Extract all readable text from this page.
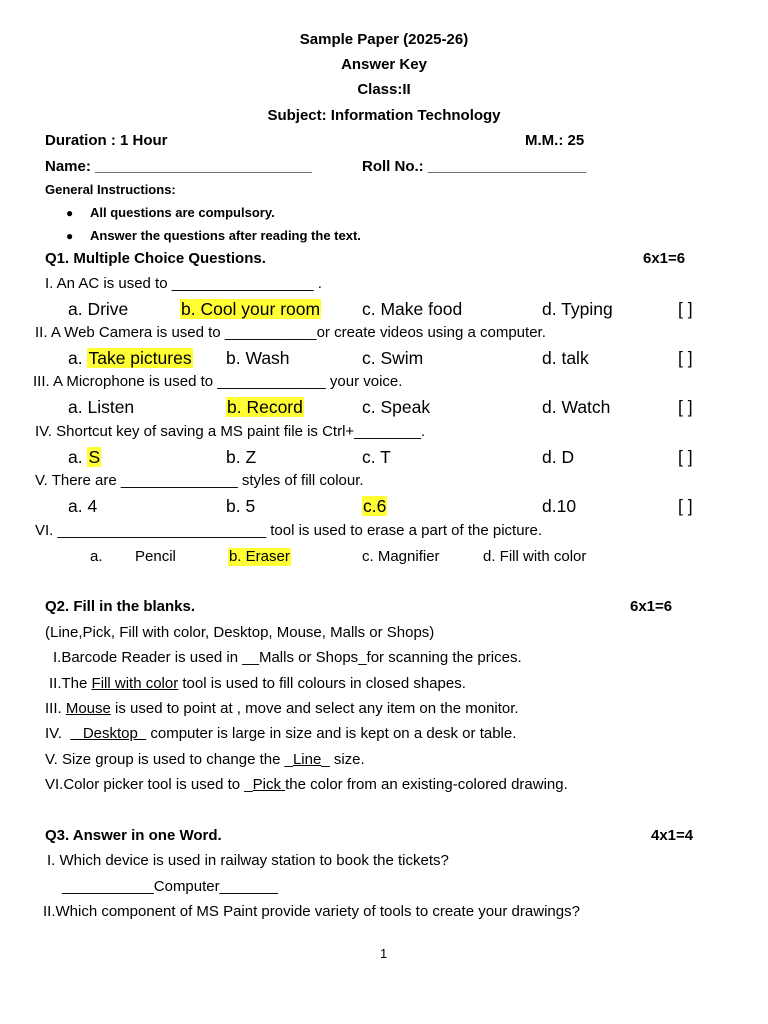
Sample Paper (2025-26)
Answer Key
Class:II
Subject: Information Technology
Duration : 1 Hour	M.M.: 25
Name: __________________________	Roll No.: ___________________
General Instructions:
● All questions are compulsory.
● Answer the questions after reading the text.
Q1. Multiple Choice Questions.	6x1=6
I. An AC is used to _________________ .
a. Drive	b. Cool your room c. Make food	d. Typing	[ ]
II. A Web Camera is used to ___________or create videos using a computer.
a. Take pictures b. Wash	c. Swim	d. talk	[ ]
III. A Microphone is used to _____________ your voice.
a. Listen	b. Record	c. Speak	d. Watch	[ ]
IV. Shortcut key of saving a MS paint file is Ctrl+________.
a. S	b. Z	c. T	d. D	[ ]
V. There are ______________ styles of fill colour.
a. 4	b. 5	c.6	d.10	[ ]
VI. _________________________ tool is used to erase a part of the picture.
a. Pencil	b. Eraser	c. Magnifier	d. Fill with color
Q2. Fill in the blanks.	6x1=6
(Line,Pick, Fill with color, Desktop, Mouse, Malls or Shops)
I.Barcode Reader is used in __Malls or Shops_for scanning the prices.
II.The Fill with color tool is used to fill colours in closed shapes.
III. Mouse is used to point at , move and select any item on the monitor.
IV.     Desktop   computer is large in size and is kept on a desk or table.
V. Size group is used to change the _Line_ size.
VI.Color picker tool is used to _Pick the color from an existing-colored drawing.
Q3. Answer in one Word.	4x1=4
I. Which device is used in railway station to book the tickets?
___________Computer_______
II.Which component of MS Paint provide variety of tools to create your drawings?
1
